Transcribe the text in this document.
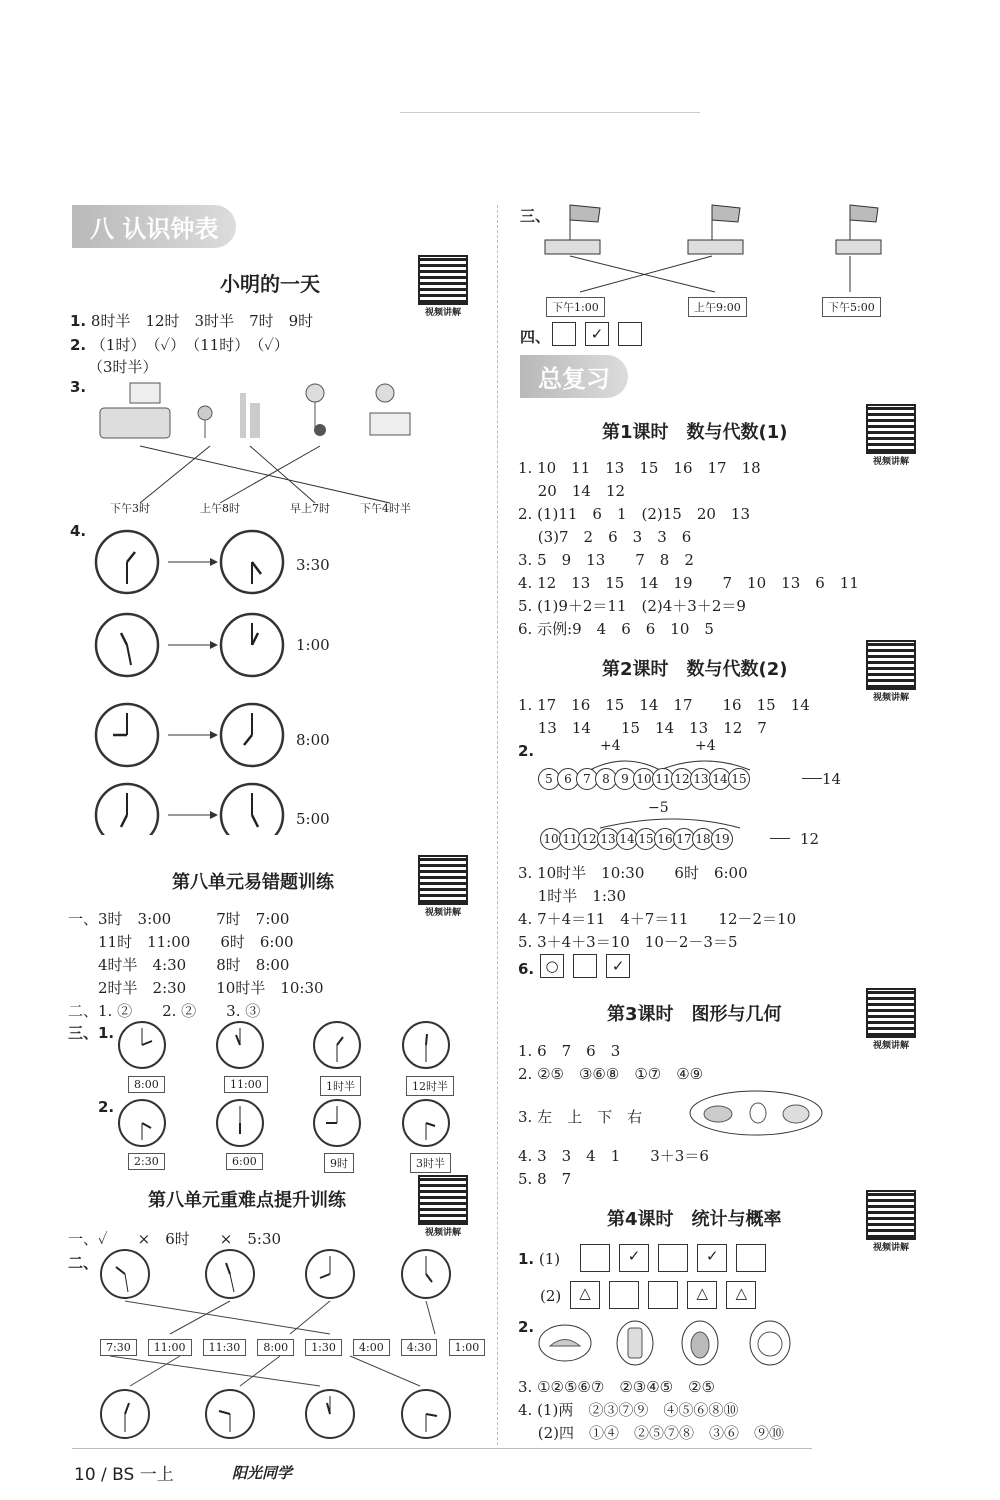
八 认识钟表
小明的一天
视频讲解
1. 8时半　12时　3时半　7时　9时
2. （1时）　（✓）　（11时）　（✓）
（3时半）
3.
下午3时	上午8时	早上7时	下午4时半
4.
3:30
1:00
8:00
5:00
第八单元易错题训练
视频讲解
一、3时　3:00　　　7时　7:00
　　11时　11:00　　6时　6:00
　　4时半　4:30　　8时　8:00
　　2时半　2:30　　10时半　10:30
二、1. ②　　2. ②　　3. ③
三、1.
2.
8:00	11:00	1时半	12时半
2:30	6:00	9时	3时半
第八单元重难点提升训练
视频讲解
一、✓　　×　6时　　×　5:30
二、
7:30 11:00 11:30 8:00 1:30 4:00 4:30 1:00
10 / BS 一上	阳光同学
三、
下午1:00	上午9:00	下午5:00
四、	✓
总复习
第1课时　数与代数(1)
视频讲解
1. 10　11　13　15　16　17　18
　 20　14　12
2. (1)11　6　1　(2)15　20　13
　 (3)7　2　6　3　3　6
3. 5　9　13　　7　8　2
4. 12　13　15　14　19　　7　10　13　6　11
5. (1)9＋2＝11　(2)4＋3＋2＝9
6. 示例:9　4　6　6　10　5
第2课时　数与代数(2)
视频讲解
1. 17　16　15　14　17　　16　15　14
　 13　14　　15　14　13　12　7
2.	+4	+4
5 6 7 8 9 10 11 12 13 14 15	14
−5
10 11 12 13 14 15 16 17 18 19	12
3. 10时半　10:30　　6时　6:00
　 1时半　1:30
4. 7＋4＝11　4＋7＝11　　12－2＝10
5. 3＋4＋3＝10　10－2－3＝5
6. ○	✓
第3课时　图形与几何
视频讲解
1. 6　7　6　3
2. ②⑤　③⑥⑧　①⑦　④⑨
3. 左　上　下　右
4. 3　3　4　1　　3＋3＝6
5. 8　7
第4课时　统计与概率
视频讲解
1. (1)	✓	✓
(2)	△	△ △
2.
3. ①②⑤⑥⑦　②③④⑤　②⑤
4. (1)两　②③⑦⑨　④⑤⑥⑧⑩
　 (2)四　①④　②⑤⑦⑧　③⑥　⑨⑩
